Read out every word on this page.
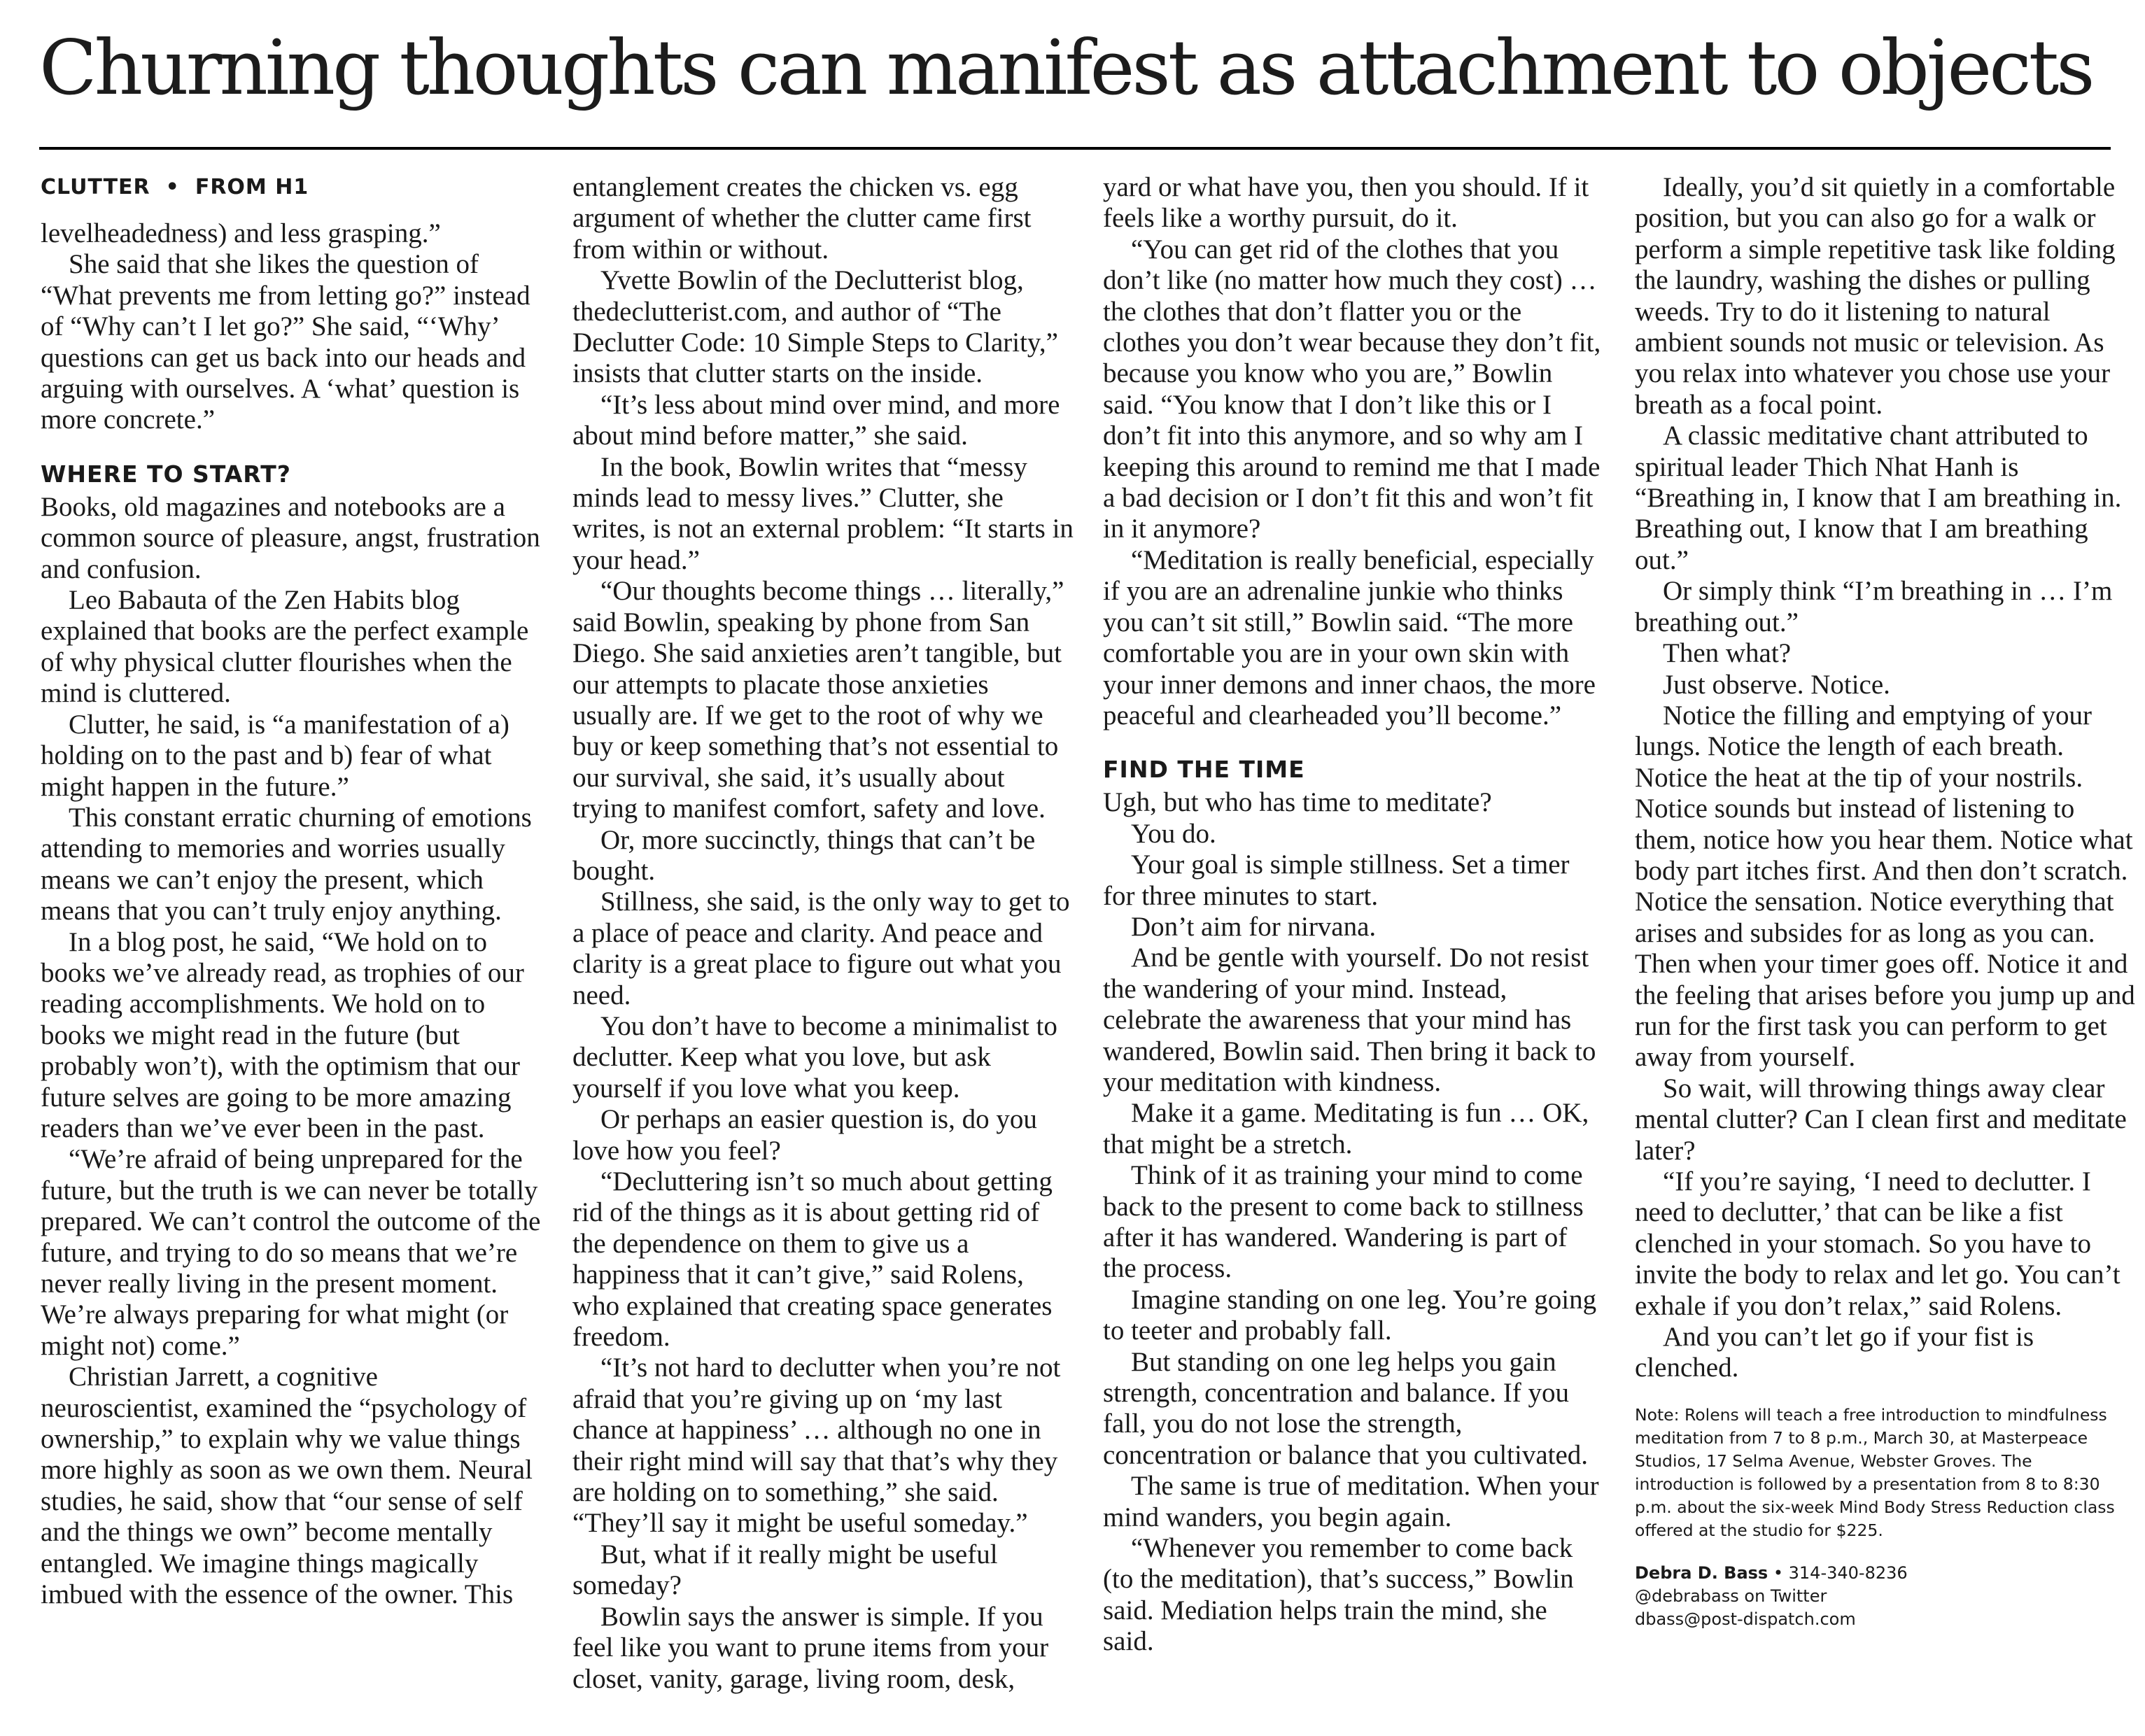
Churning thoughts can manifest as attachment to objects
CLUTTER • FROM H1

levelheadedness) and less grasping.”

She said that she likes the question of “What prevents me from letting go?” instead of “Why can’t I let go?” She said, “‘Why’ questions can get us back into our heads and arguing with ourselves. A ‘what’ question is more concrete.”

WHERE TO START?

Books, old magazines and notebooks are a common source of pleasure, angst, frustration and confusion.

Leo Babauta of the Zen Habits blog explained that books are the perfect example of why physical clutter flourishes when the mind is cluttered.

Clutter, he said, is “a manifestation of a) holding on to the past and b) fear of what might happen in the future.”

This constant erratic churning of emotions attending to memories and worries usually means we can’t enjoy the present, which means that you can’t truly enjoy anything.

In a blog post, he said, “We hold on to books we’ve already read, as trophies of our reading accomplishments. We hold on to books we might read in the future (but probably won’t), with the optimism that our future selves are going to be more amazing readers than we’ve ever been in the past.

“We’re afraid of being unprepared for the future, but the truth is we can never be totally prepared. We can’t control the outcome of the future, and trying to do so means that we’re never really living in the present moment. We’re always preparing for what might (or might not) come.”

Christian Jarrett, a cognitive neuroscientist, examined the “psychology of ownership,” to explain why we value things more highly as soon as we own them. Neural studies, he said, show that “our sense of self and the things we own” become mentally entangled. We imagine things magically imbued with the essence of the owner. This

entanglement creates the chicken vs. egg argument of whether the clutter came first from within or without.

Yvette Bowlin of the Declutterist blog, thedeclutterist.com, and author of “The Declutter Code: 10 Simple Steps to Clarity,” insists that clutter starts on the inside.

“It’s less about mind over mind, and more about mind before matter,” she said.

In the book, Bowlin writes that “messy minds lead to messy lives.” Clutter, she writes, is not an external problem: “It starts in your head.”

“Our thoughts become things … literally,” said Bowlin, speaking by phone from San Diego. She said anxieties aren’t tangible, but our attempts to placate those anxieties usually are. If we get to the root of why we buy or keep something that’s not essential to our survival, she said, it’s usually about trying to manifest comfort, safety and love.

Or, more succinctly, things that can’t be bought.

Stillness, she said, is the only way to get to a place of peace and clarity. And peace and clarity is a great place to figure out what you need.

You don’t have to become a minimalist to declutter. Keep what you love, but ask yourself if you love what you keep.

Or perhaps an easier question is, do you love how you feel?

“Decluttering isn’t so much about getting rid of the things as it is about getting rid of the dependence on them to give us a happiness that it can’t give,” said Rolens, who explained that creating space generates freedom.

“It’s not hard to declutter when you’re not afraid that you’re giving up on ‘my last chance at happiness’ … although no one in their right mind will say that that’s why they are holding on to something,” she said. “They’ll say it might be useful someday.”

But, what if it really might be useful someday?

Bowlin says the answer is simple. If you feel like you want to prune items from your closet, vanity, garage, living room, desk,

yard or what have you, then you should. If it feels like a worthy pursuit, do it.

“You can get rid of the clothes that you don’t like (no matter how much they cost) … the clothes that don’t flatter you or the clothes you don’t wear because they don’t fit, because you know who you are,” Bowlin said. “You know that I don’t like this or I don’t fit into this anymore, and so why am I keeping this around to remind me that I made a bad decision or I don’t fit this and won’t fit in it anymore?

“Meditation is really beneficial, especially if you are an adrenaline junkie who thinks you can’t sit still,” Bowlin said. “The more comfortable you are in your own skin with your inner demons and inner chaos, the more peaceful and clearheaded you’ll become.”

FIND THE TIME

Ugh, but who has time to meditate?

You do.

Your goal is simple stillness. Set a timer for three minutes to start.

Don’t aim for nirvana.

And be gentle with yourself. Do not resist the wandering of your mind. Instead, celebrate the awareness that your mind has wandered, Bowlin said. Then bring it back to your meditation with kindness.

Make it a game. Meditating is fun … OK, that might be a stretch.

Think of it as training your mind to come back to the present to come back to stillness after it has wandered. Wandering is part of the process.

Imagine standing on one leg. You’re going to teeter and probably fall.

But standing on one leg helps you gain strength, concentration and balance. If you fall, you do not lose the strength, concentration or balance that you cultivated.

The same is true of meditation. When your mind wanders, you begin again.

“Whenever you remember to come back (to the meditation), that’s success,” Bowlin said. Mediation helps train the mind, she said.

Ideally, you’d sit quietly in a comfortable position, but you can also go for a walk or perform a simple repetitive task like folding the laundry, washing the dishes or pulling weeds. Try to do it listening to natural ambient sounds not music or television. As you relax into whatever you chose use your breath as a focal point.

A classic meditative chant attributed to spiritual leader Thich Nhat Hanh is “Breathing in, I know that I am breathing in. Breathing out, I know that I am breathing out.”

Or simply think “I’m breathing in … I’m breathing out.”

Then what?

Just observe. Notice.

Notice the filling and emptying of your lungs. Notice the length of each breath. Notice the heat at the tip of your nostrils. Notice sounds but instead of listening to them, notice how you hear them. Notice what body part itches first. And then don’t scratch. Notice the sensation. Notice everything that arises and subsides for as long as you can. Then when your timer goes off. Notice it and the feeling that arises before you jump up and run for the first task you can perform to get away from yourself.

So wait, will throwing things away clear mental clutter? Can I clean first and meditate later?

“If you’re saying, ‘I need to declutter. I need to declutter,’ that can be like a fist clenched in your stomach. So you have to invite the body to relax and let go. You can’t exhale if you don’t relax,” said Rolens.

And you can’t let go if your fist is clenched.

Note: Rolens will teach a free introduction to mindfulness meditation from 7 to 8 p.m., March 30, at Masterpeace Studios, 17 Selma Avenue, Webster Groves. The introduction is followed by a presentation from 8 to 8:30 p.m. about the six-week Mind Body Stress Reduction class offered at the studio for $225.
Debra D. Bass • 314-340-8236
@debrabass on Twitter
dbass@post-dispatch.com
